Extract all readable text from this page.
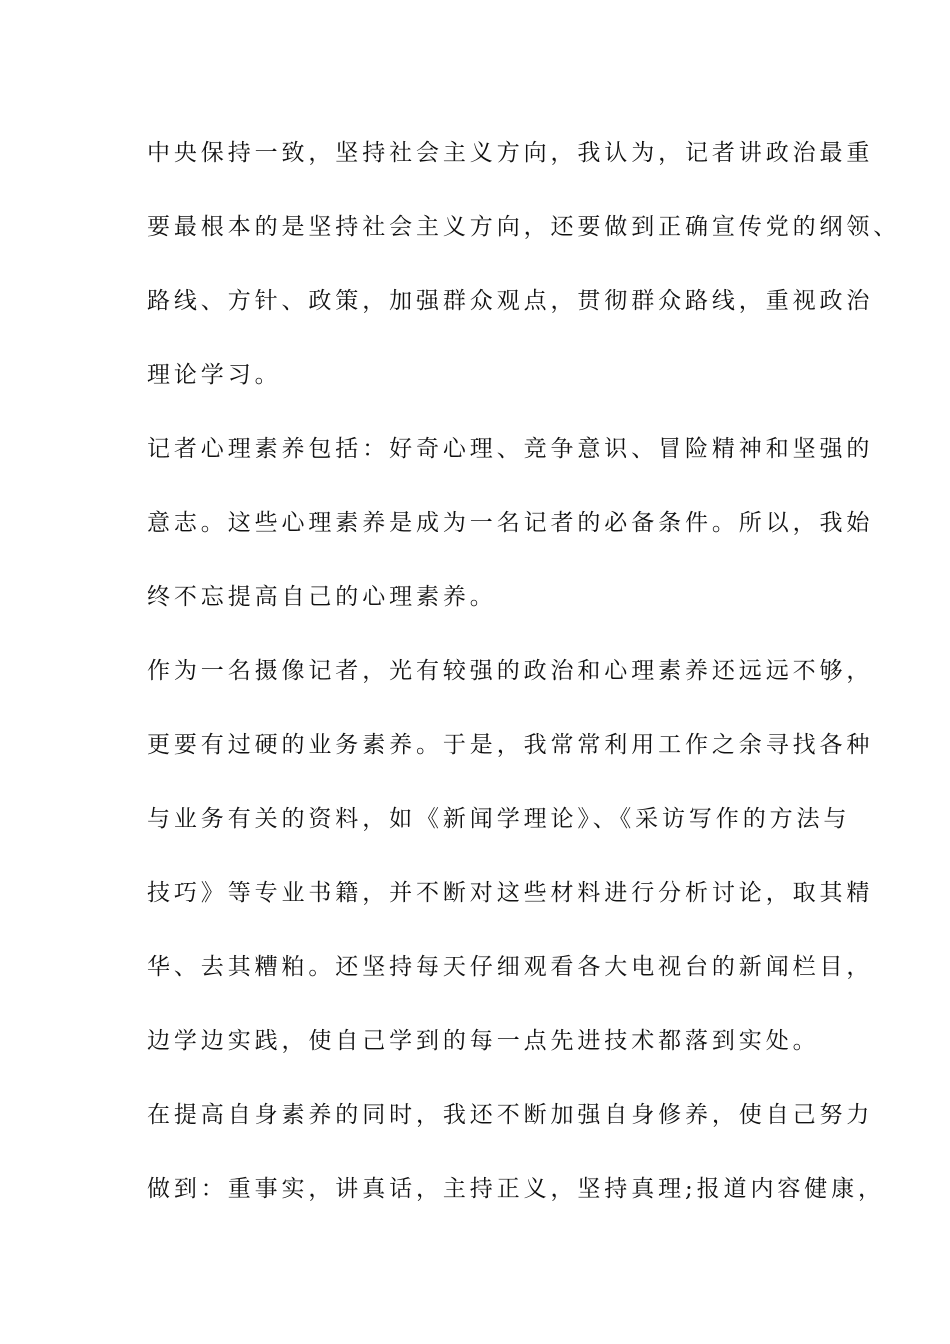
中央保持一致，坚持社会主义方向，我认为，记者讲政治最重
要最根本的是坚持社会主义方向，还要做到正确宣传党的纲领、
路线、方针、政策，加强群众观点，贯彻群众路线，重视政治
理论学习。
记者心理素养包括：好奇心理、竞争意识、冒险精神和坚强的
意志。这些心理素养是成为一名记者的必备条件。所以，我始
终不忘提高自己的心理素养。
作为一名摄像记者，光有较强的政治和心理素养还远远不够，
更要有过硬的业务素养。于是，我常常利用工作之余寻找各种
与业务有关的资料，如《新闻学理论》、《采访写作的方法与
技巧》等专业书籍，并不断对这些材料进行分析讨论，取其精
华、去其糟粕。还坚持每天仔细观看各大电视台的新闻栏目，
边学边实践，使自己学到的每一点先进技术都落到实处。
在提高自身素养的同时，我还不断加强自身修养，使自己努力
做到：重事实，讲真话，主持正义，坚持真理;报道内容健康，
